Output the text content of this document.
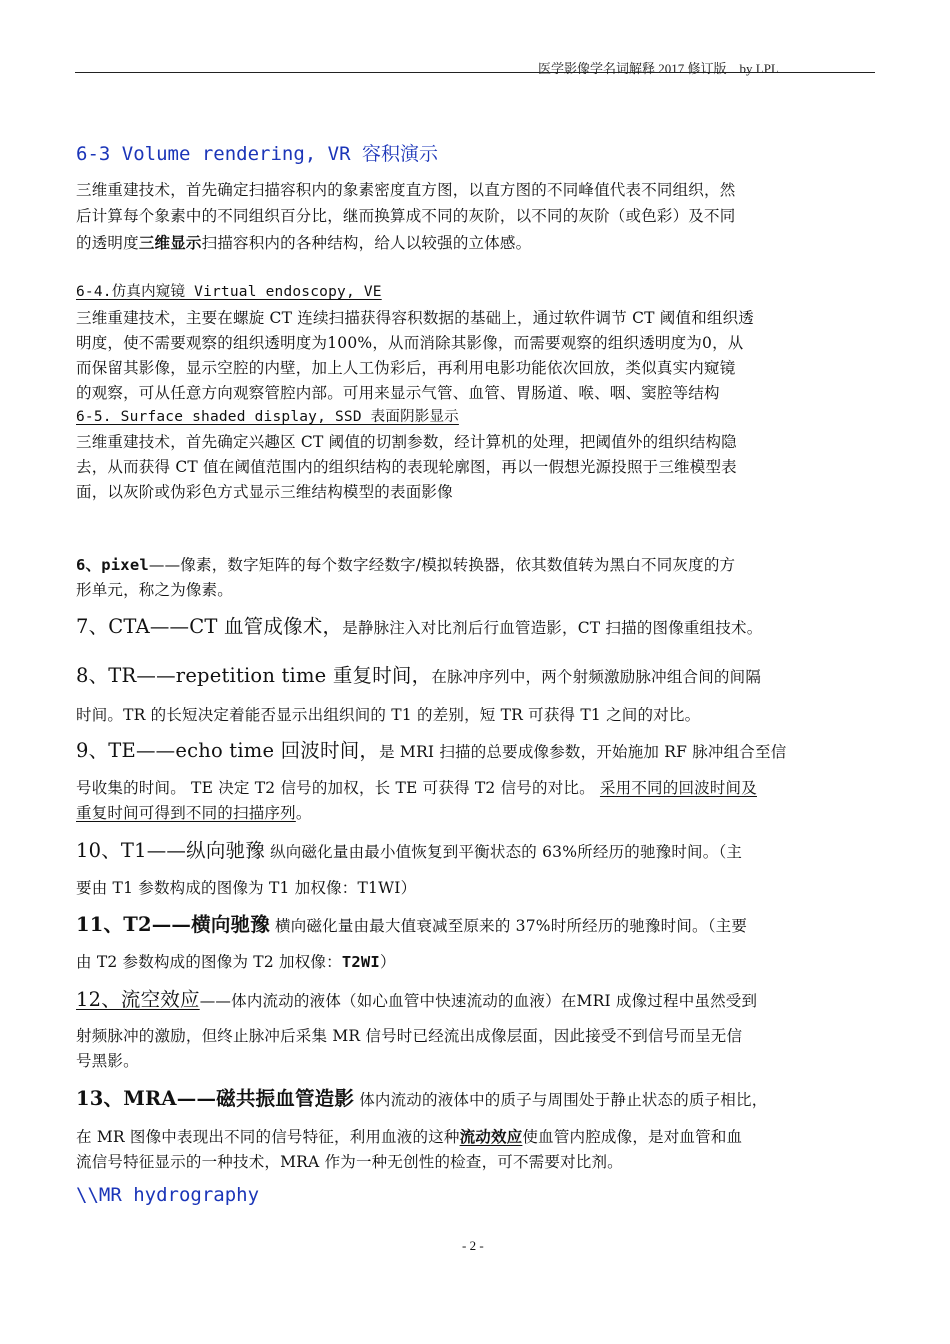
医学影像学名词解释 2017 修订版　by LPL
6-3 Volume rendering, VR 容积演示
三维重建技术，首先确定扫描容积内的象素密度直方图，以直方图的不同峰值代表不同组织，然
后计算每个象素中的不同组织百分比，继而换算成不同的灰阶，以不同的灰阶（或色彩）及不同
的透明度三维显示扫描容积内的各种结构，给人以较强的立体感。
6-4.仿真内窥镜 Virtual endoscopy, VE
三维重建技术，主要在螺旋 CT 连续扫描获得容积数据的基础上，通过软件调节 CT 阈值和组织透
明度，使不需要观察的组织透明度为100%，从而消除其影像，而需要观察的组织透明度为0，从
而保留其影像，显示空腔的内壁，加上人工伪彩后，再利用电影功能依次回放，类似真实内窥镜
的观察，可从任意方向观察管腔内部。可用来显示气管、血管、胃肠道、喉、咽、窦腔等结构
6-5. Surface shaded display, SSD 表面阴影显示
三维重建技术，首先确定兴趣区 CT 阈值的切割参数，经计算机的处理，把阈值外的组织结构隐
去，从而获得 CT 值在阈值范围内的组织结构的表现轮廓图，再以一假想光源投照于三维模型表
面，以灰阶或伪彩色方式显示三维结构模型的表面影像
6、pixel——像素，数字矩阵的每个数字经数字/模拟转换器，依其数值转为黑白不同灰度的方
形单元，称之为像素。
7、CTA——CT 血管成像术，是静脉注入对比剂后行血管造影，CT 扫描的图像重组技术。
8、TR——repetition time 重复时间，在脉冲序列中，两个射频激励脉冲组合间的间隔
时间。TR 的长短决定着能否显示出组织间的 T1 的差别，短 TR 可获得 T1 之间的对比。
9、TE——echo time 回波时间，是 MRI 扫描的总要成像参数，开始施加 RF 脉冲组合至信
号收集的时间。 TE 决定 T2 信号的加权，长 TE 可获得 T2 信号的对比。 采用不同的回波时间及
重复时间可得到不同的扫描序列。
10、T1——纵向驰豫 纵向磁化量由最小值恢复到平衡状态的 63%所经历的驰豫时间。（主
要由 T1 参数构成的图像为 T1 加权像：T1WI）
11、T2——横向驰豫 横向磁化量由最大值衰减至原来的 37%时所经历的驰豫时间。（主要
由 T2 参数构成的图像为 T2 加权像：T2WI）
12、流空效应——体内流动的液体（如心血管中快速流动的血液）在MRI 成像过程中虽然受到
射频脉冲的激励，但终止脉冲后采集 MR 信号时已经流出成像层面，因此接受不到信号而呈无信
号黑影。
13、MRA——磁共振血管造影 体内流动的液体中的质子与周围处于静止状态的质子相比，
在 MR 图像中表现出不同的信号特征，利用血液的这种流动效应使血管内腔成像，是对血管和血
流信号特征显示的一种技术，MRA 作为一种无创性的检查，可不需要对比剂。
\\MR hydrography
- 2 -
